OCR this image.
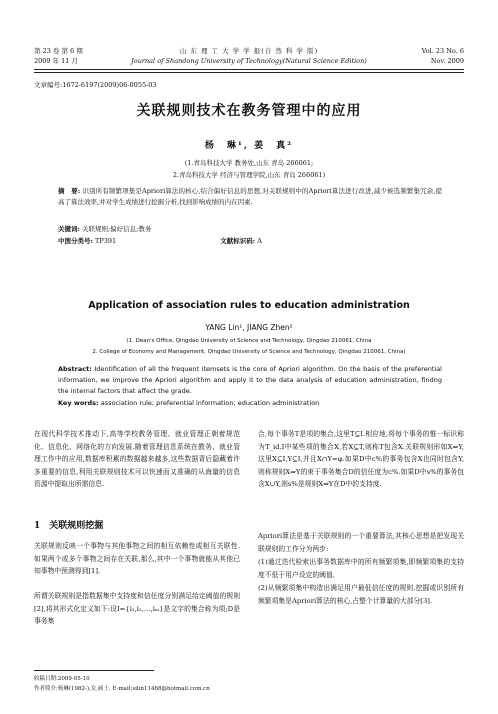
第 23 卷 第 6 期
2009 年 11 月
山 东 理 工 大 学 学 报(自 然 科 学 版)
Journal of Shandong University of Technology(Natural Science Edition)
Vol. 23 No. 6
Nov. 2009
文章编号:1672-6197(2009)06-0055-03
关联规则技术在教务管理中的应用
杨　琳¹, 姜　真²
(1.青岛科技大学 教务处,山东 青岛 266061;
2.青岛科技大学 经济与管理学院,山东 青岛 266061)
摘　要: 识别所有频繁项集是Apriori算法的核心,结合偏好信息的思想,对关联规则中的Apriori算法进行改进,减少候选频繁集冗余,提高了算法效率,并对学生成绩进行挖掘分析,找到影响成绩的内在因素.
关键词: 关联规则;偏好信息;教务
中图分类号: TP391	文献标识码: A
Application of association rules to education administration
YANG Lin¹, JIANG Zhen²
(1. Dean's Office, Qingdao University of Science and Technology, Qingdao 210061, China
2. College of Economy and Management, Qingdao University of Science and Technology, Qingdao 210061, China)
Abstract: Identification of all the frequent itemsets is the core of Apriori algorithm. On the basis of the preferential information, we improve the Apriori algorithm and apply it to the data analysis of education administration, findng the internal factors that affect the grade.
Key words: association rule; preferential information; education administration
在现代科学技术推动下,高等学校教务管理、就业管理正朝着规范化、信息化、网络化的方向发展.随着管理信息系统在教务、就业管理工作中的应用,数据库积累的数据越来越多,这些数据背后隐藏着许多重要的信息,利用关联规则技术可以快速而又准确的从海量的信息资源中提取出所需信息.
1　关联规则挖掘
关联规则反映一个事物与其他事物之间的相互依赖性或相互关联性.如果两个或多个事物之间存在关联,那么,其中一个事物就能从其他已知事物中预测得到[1].
所谓关联规则是指数据集中支持度和信任度分别满足给定阈值的规则[2],将其形式化定义如下:设I={i₁,i₂,…,iₘ}是文字的集合称为项;D是事务集
合,每个事务T是项的集合,这里T⊆I.相应地,将每个事务的惟一标识称为T_id.I中某些项的集合X,若X⊆T,则称T包含X.关联规则形如X⇒Y,这里X⊆I,Y⊆I,并且X∩Y=φ.如果D中c%的事务包含X也同时包含Y,则称规则X⇒Y的束于事务集合D的信任度为c%.如果D中s%的事务包含X∪Y,则s%是规则X⇒Y在D中的支持度.
Apriori算法是基于关联规则的一个重要算法,其核心思想是把发现关联规则的工作分为两步:
(1)通过迭代检索出事务数据库中的所有频繁项集,即频繁项集的支持度不低于用户设定的阈值.
(2)从频繁项集中构造出满足用户最低信任度的规则.挖掘或识别所有频繁项集是Apriori算法的核心,占整个计算量的大部分[3].
收稿日期:2009-05-10
作者简介:杨琳(1982-),女,硕士. E-mail:silin11468@hotmail.com.cn
